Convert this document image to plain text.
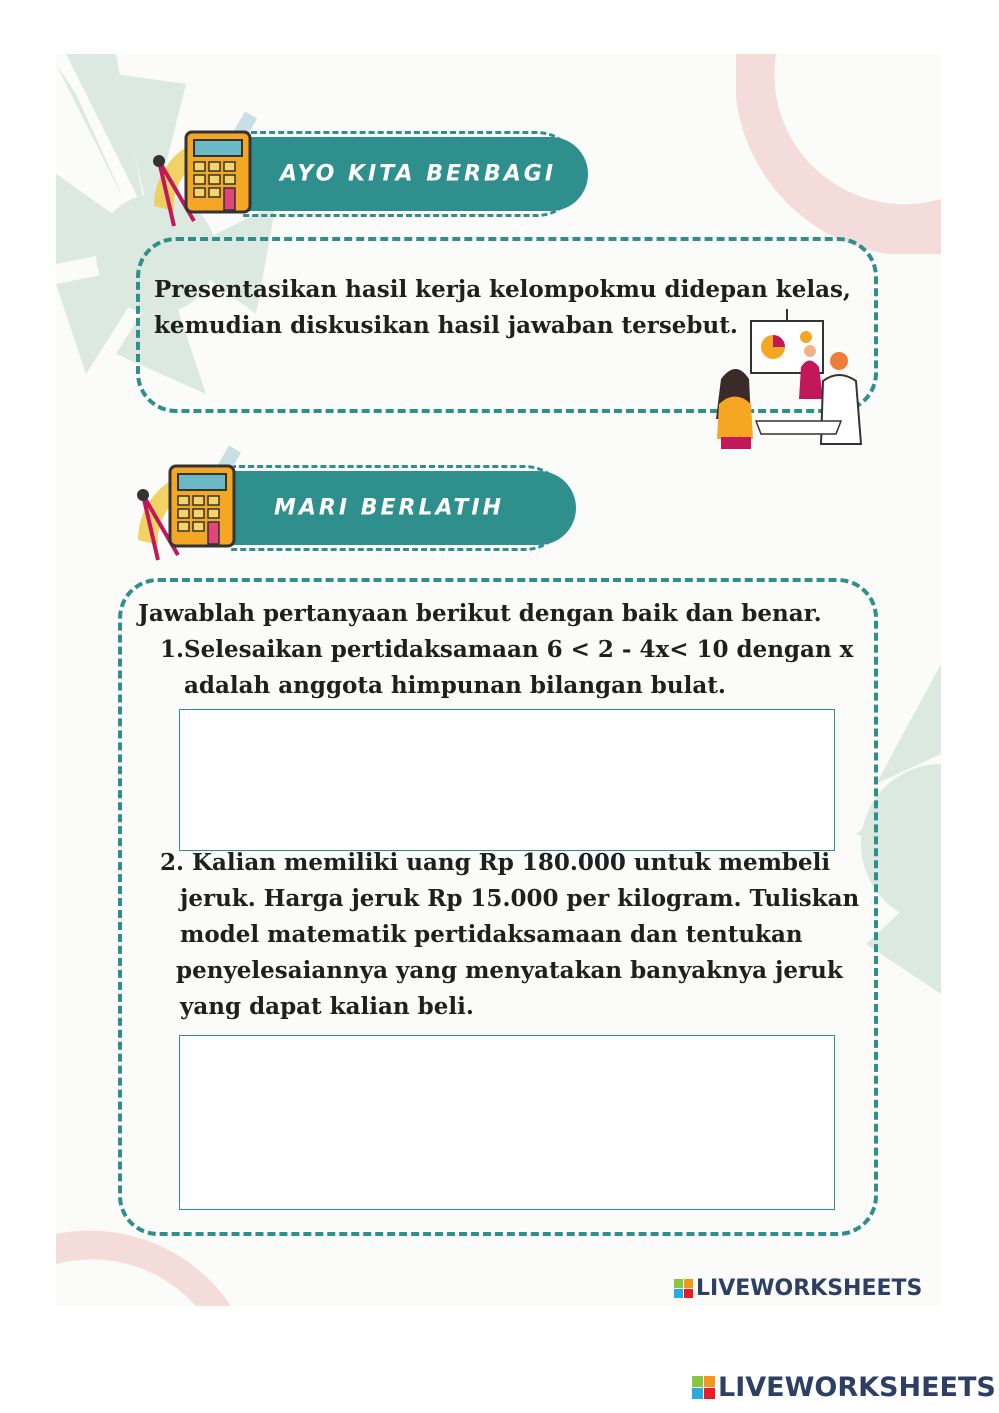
AYO KITA BERBAGI
Presentasikan hasil kerja kelompokmu didepan kelas,
kemudian diskusikan hasil jawaban tersebut.
MARI BERLATIH
Jawablah pertanyaan berikut dengan baik dan benar.
1.Selesaikan pertidaksamaan 6 < 2 - 4x< 10 dengan x
adalah anggota himpunan bilangan bulat.
2. Kalian memiliki uang Rp 180.000 untuk membeli
jeruk. Harga jeruk Rp 15.000 per kilogram. Tuliskan
model matematik pertidaksamaan dan tentukan
penyelesaiannya yang menyatakan banyaknya jeruk
yang dapat kalian beli.
LIVEWORKSHEETS
LIVEWORKSHEETS
